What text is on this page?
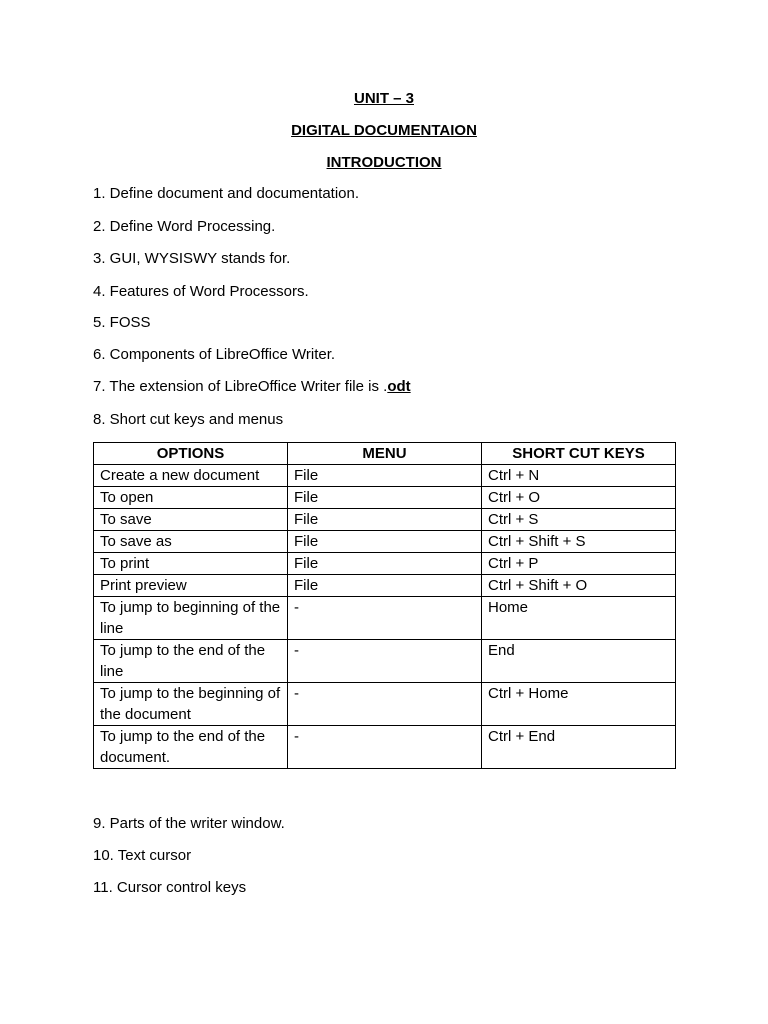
UNIT – 3
DIGITAL DOCUMENTAION
INTRODUCTION
1. Define document and documentation.
2. Define Word Processing.
3. GUI, WYSISWY stands for.
4. Features of Word Processors.
5. FOSS
6. Components of LibreOffice Writer.
7. The extension of LibreOffice Writer file is .odt
8. Short cut keys and menus
OPTIONS	MENU	SHORT CUT KEYS
Create a new document	File	Ctrl + N
To open	File	Ctrl + O
To save	File	Ctrl + S
To save as	File	Ctrl + Shift + S
To print	File	Ctrl + P
Print preview	File	Ctrl + Shift + O
To jump to beginning of the line	-	Home
To jump to the end of the line	-	End
To jump to the beginning of the document	-	Ctrl + Home
To jump to the end of the document.	-	Ctrl + End
9. Parts of the writer window.
10. Text cursor
11. Cursor control keys
